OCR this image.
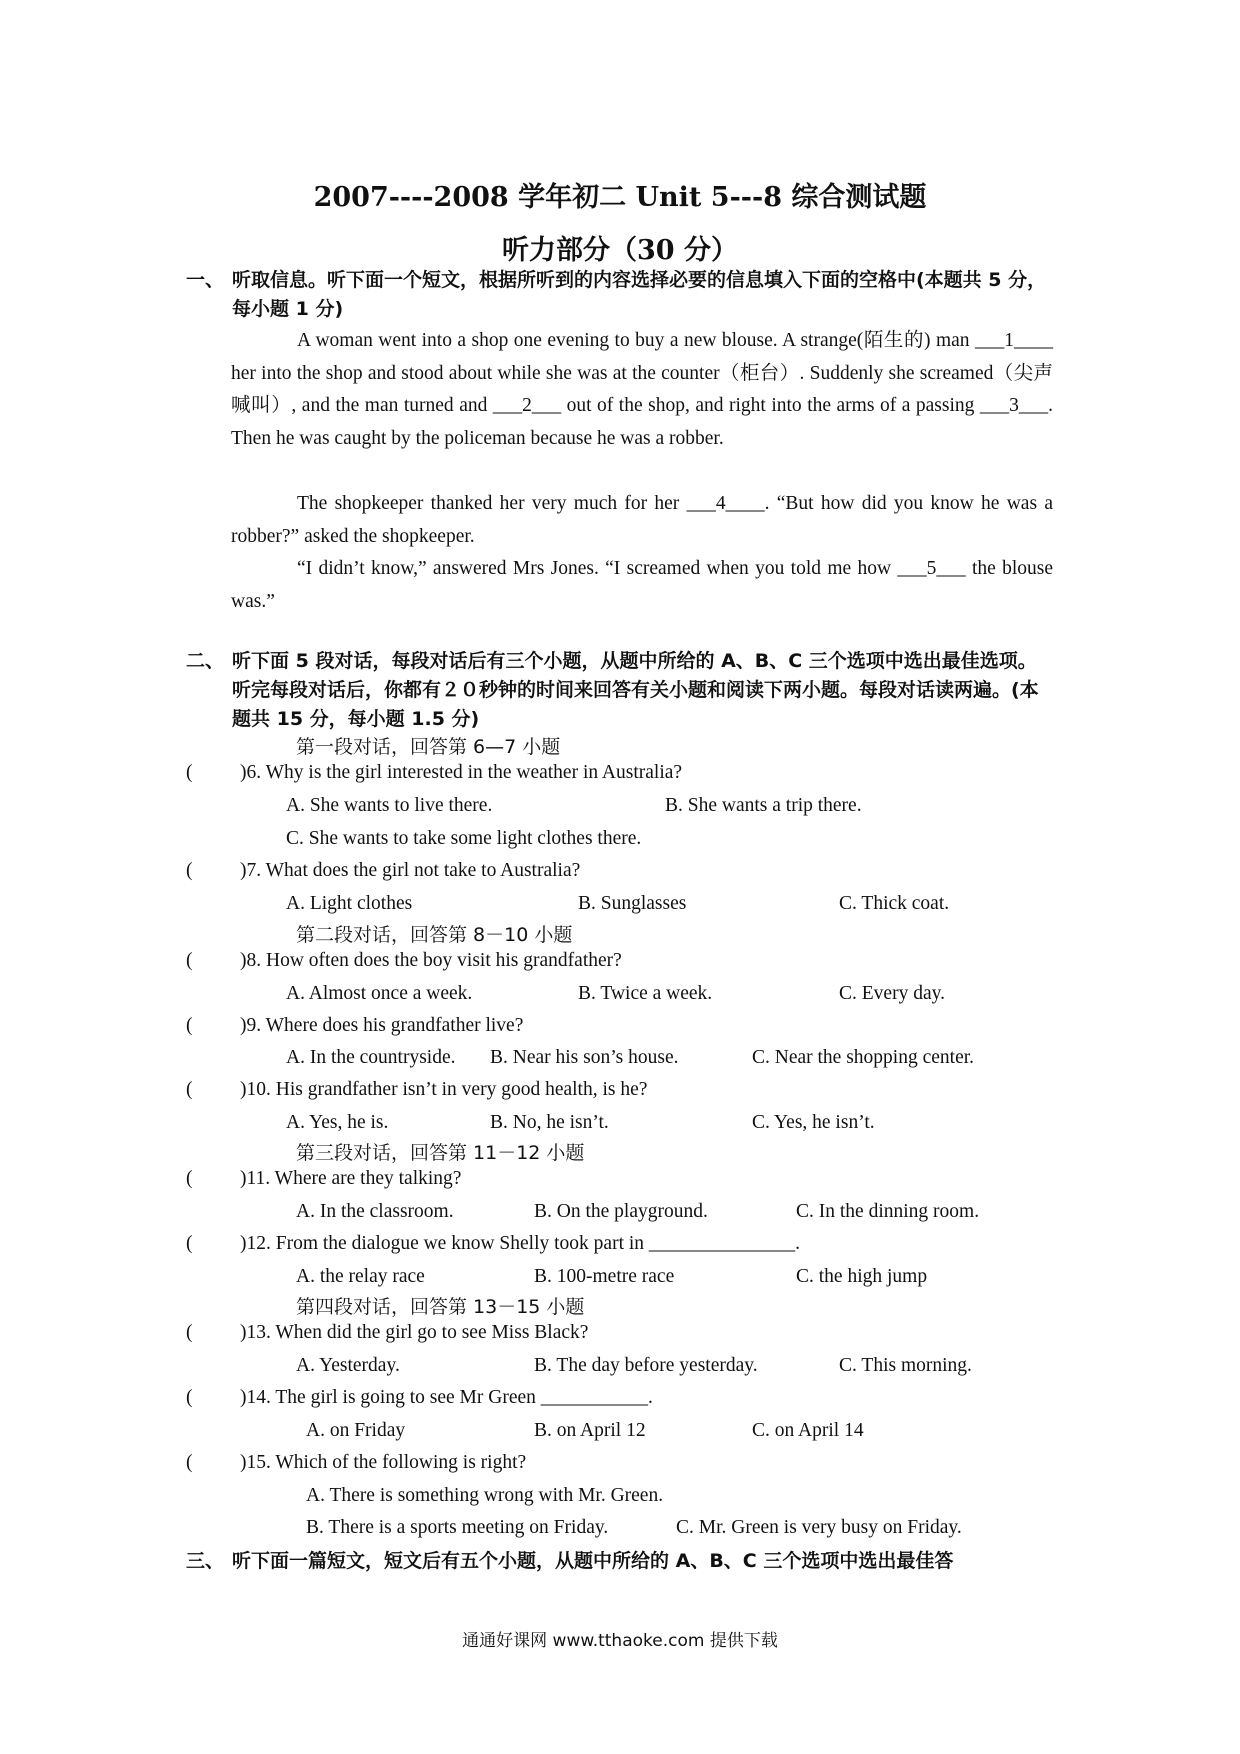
2007----2008 学年初二 Unit 5---8 综合测试题
听力部分（30 分）
一、 听取信息。听下面一个短文，根据所听到的内容选择必要的信息填入下面的空格中(本题共 5 分，每小题 1 分)
A woman went into a shop one evening to buy a new blouse. A strange(陌生的) man ___1____ her into the shop and stood about while she was at the counter（柜台）. Suddenly she screamed（尖声喊叫）, and the man turned and ___2___ out of the shop, and right into the arms of a passing ___3___. Then he was caught by the policeman because he was a robber.
The shopkeeper thanked her very much for her ___4____. “But how did you know he was a robber?” asked the shopkeeper.
“I didn’t know,” answered Mrs Jones. “I screamed when you told me how ___5___ the blouse was.”
二、 听下面 5 段对话，每段对话后有三个小题，从题中所给的 A、B、C 三个选项中选出最佳选项。听完每段对话后，你都有２０秒钟的时间来回答有关小题和阅读下两小题。每段对话读两遍。(本题共 15 分，每小题 1.5 分)
第一段对话，回答第 6—7 小题
( )6. Why is the girl interested in the weather in Australia?
A. She wants to live there.	B. She wants a trip there.
C. She wants to take some light clothes there.
( )7. What does the girl not take to Australia?
A. Light clothes	B. Sunglasses	C. Thick coat.
第二段对话，回答第 8－10 小题
( )8. How often does the boy visit his grandfather?
A. Almost once a week.	B. Twice a week.	C. Every day.
( )9. Where does his grandfather live?
A. In the countryside. B. Near his son’s house.	C. Near the shopping center.
( )10. His grandfather isn’t in very good health, is he?
A. Yes, he is.	B. No, he isn’t.	C. Yes, he isn’t.
第三段对话，回答第 11－12 小题
( )11. Where are they talking?
A. In the classroom.	B. On the playground.	C. In the dinning room.
( )12. From the dialogue we know Shelly took part in _______________.
A. the relay race	B. 100-metre race	C. the high jump
第四段对话，回答第 13－15 小题
( )13. When did the girl go to see Miss Black?
A. Yesterday.	B. The day before yesterday.	C. This morning.
( )14. The girl is going to see Mr Green ___________.
A. on Friday	B. on April 12	C. on April 14
( )15. Which of the following is right?
A. There is something wrong with Mr. Green.
B. There is a sports meeting on Friday.	C. Mr. Green is very busy on Friday.
三、 听下面一篇短文，短文后有五个小题，从题中所给的 A、B、C 三个选项中选出最佳答
通通好课网 www.tthaoke.com 提供下载
